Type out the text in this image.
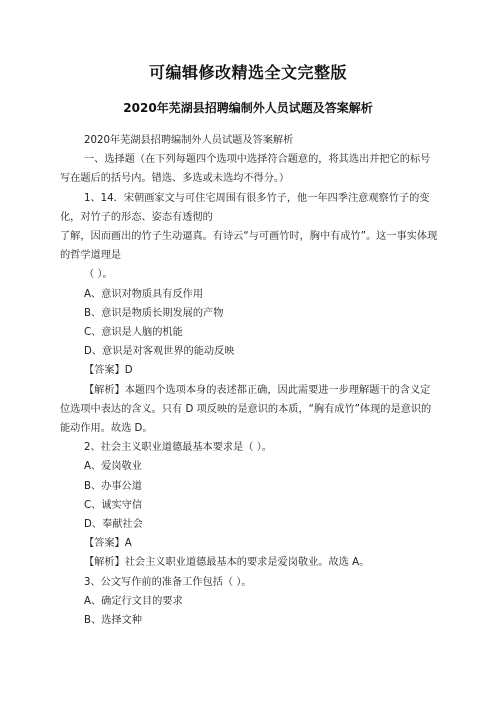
可编辑修改精选全文完整版
2020年芜湖县招聘编制外人员试题及答案解析

2020年芜湖县招聘编制外人员试题及答案解析

一、选择题（在下列每题四个选项中选择符合题意的，将其选出并把它的标号写在题后的括号内。错选、多选或未选均不得分。）

1、14．宋朝画家文与可住宅周围有很多竹子，他一年四季注意观察竹子的变化，对竹子的形态、姿态有透彻的

了解，因而画出的竹子生动逼真。有诗云“与可画竹时，胸中有成竹”。这一事实体现的哲学道理是

（ ）。

A、意识对物质具有反作用

B、意识是物质长期发展的产物

C、意识是人脑的机能

D、意识是对客观世界的能动反映

【答案】D

【解析】本题四个选项本身的表述都正确，因此需要进一步理解题干的含义定位选项中表达的含义。只有 D 项反映的是意识的本质，“胸有成竹”体现的是意识的能动作用。故选 D。

2、社会主义职业道德最基本要求是（ ）。

A、爱岗敬业

B、办事公道

C、诚实守信

D、奉献社会

【答案】A

【解析】社会主义职业道德最基本的要求是爱岗敬业。故选 A。

3、公文写作前的准备工作包括（ ）。

A、确定行文目的要求

B、选择文种
